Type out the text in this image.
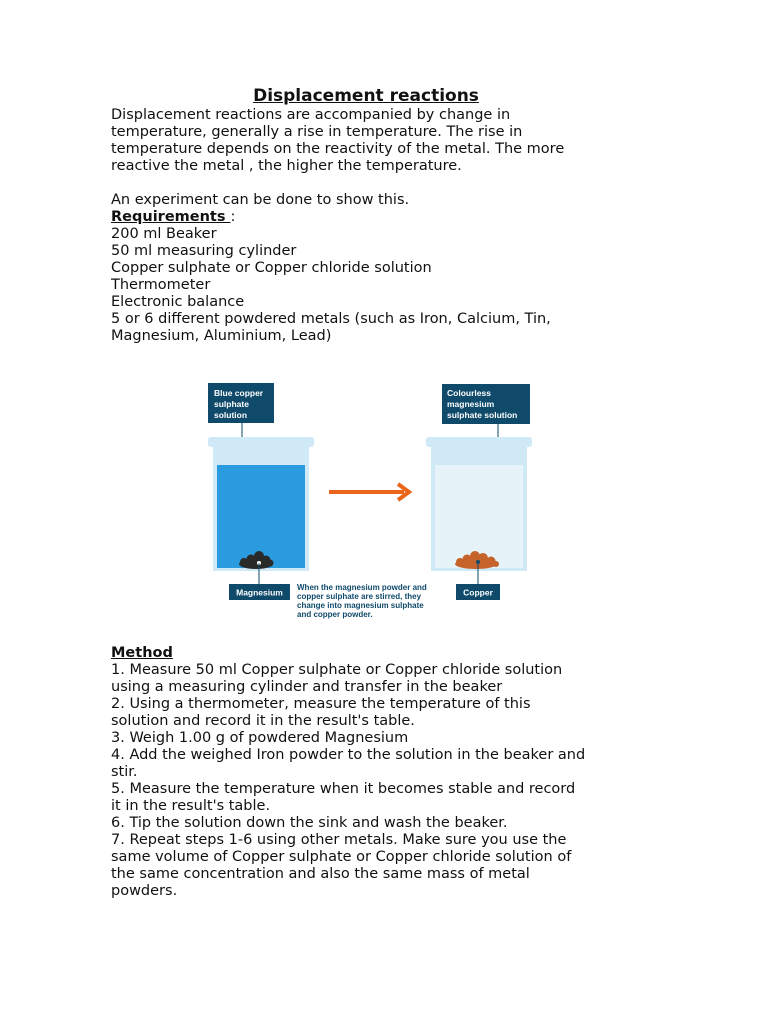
Displacement reactions
Displacement reactions are accompanied by change in
temperature, generally a rise in temperature. The rise in
temperature depends on the reactivity of the metal. The more
reactive the metal , the higher the temperature.
An experiment can be done to show this.
Requirements :
200 ml Beaker
50 ml measuring cylinder
Copper sulphate or Copper chloride solution
Thermometer
Electronic balance
5 or 6 different powdered metals (such as Iron, Calcium, Tin,
Magnesium, Aluminium, Lead)
Blue copper
sulphate
solution
Magnesium
Colourless
magnesium
sulphate solution
Copper
When the magnesium powder and
copper sulphate are stirred, they
change into magnesium sulphate
and copper powder.
Method
1. Measure 50 ml Copper sulphate or Copper chloride solution
using a measuring cylinder and transfer in the beaker
2. Using a thermometer, measure the temperature of this
solution and record it in the result's table.
3. Weigh 1.00 g of powdered Magnesium
4. Add the weighed Iron powder to the solution in the beaker and
stir.
5. Measure the temperature when it becomes stable and record
it in the result's table.
6. Tip the solution down the sink and wash the beaker.
7. Repeat steps 1-6 using other metals. Make sure you use the
same volume of Copper sulphate or Copper chloride solution of
the same concentration and also the same mass of metal
powders.
